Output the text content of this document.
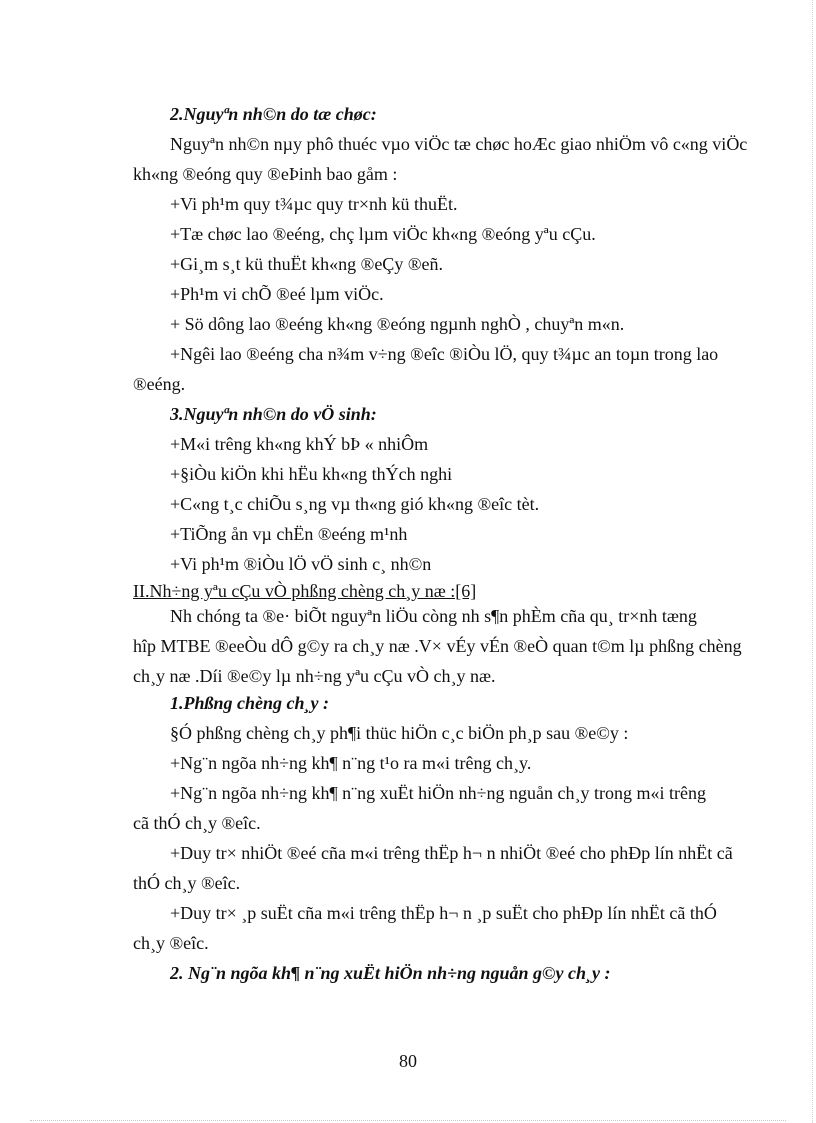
2.Nguyªn nh©n do tæ chøc:
Nguyªn nh©n nµy phô thuéc vµo viÖc tæ chøc hoÆc giao nhiÖm vô c«ng viÖc
kh«ng ®eóng quy ®eÞinh bao gåm :
+Vi ph¹m quy t¾µc quy tr×nh kü thuËt.
+Tæ chøc lao ®eéng, chç lµm viÖc kh«ng ®eóng yªu cÇu.
+Gi¸m s¸t kü thuËt kh«ng ®eÇy ®eñ.
+Ph¹m vi chÕ ®eé lµm viÖc.
+ Sö dông lao ®eéng kh«ng ®eóng ngµnh nghÒ , chuyªn m«n.
+Ngêi lao ®eéng cha n¾m v÷ng ®eîc ®iÒu lÖ, quy t¾µc an toµn trong lao
®eéng.
3.Nguyªn nh©n do vÖ sinh:
+M«i trêng kh«ng khÝ bÞ « nhiÔm
+§iÒu kiÖn khi hËu kh«ng thÝch nghi
+C«ng t¸c chiÕu s¸ng vµ th«ng gió kh«ng ®eîc tèt.
+TiÕng ån vµ chËn ®eéng m¹nh
+Vi ph¹m ®iÒu lÖ vÖ sinh c¸ nh©n
II.Nh÷ng yªu cÇu vÒ phßng chèng ch¸y næ :[6]
Nh chóng ta ®e· biÕt nguyªn liÖu còng nh s¶n phÈm cña qu¸ tr×nh tæng
hîp MTBE ®eeÒu dÔ g©y ra ch¸y næ .V× vÉy vÉn ®eÒ quan t©m lµ phßng chèng
ch¸y næ .Díi ®e©y lµ nh÷ng yªu cÇu vÒ ch¸y næ.
1.Phßng chèng ch¸y :
§Ó phßng chèng ch¸y ph¶i thüc hiÖn c¸c biÖn ph¸p sau ®e©y :
+Ng¨n ngõa nh÷ng kh¶ n¨ng t¹o ra m«i trêng ch¸y.
+Ng¨n ngõa nh÷ng kh¶ n¨ng xuËt hiÖn nh÷ng nguån ch¸y trong m«i trêng
cã thÓ ch¸y ®eîc.
+Duy tr× nhiÖt ®eé cña m«i trêng thËp h¬ n nhiÖt ®eé cho phÐp lín nhËt cã
thÓ ch¸y ®eîc.
+Duy tr× ¸p suËt cña m«i trêng thËp h¬ n ¸p suËt cho phÐp lín nhËt cã thÓ
ch¸y ®eîc.
2. Ng¨n ngõa kh¶ n¨ng xuËt hiÖn nh÷ng nguån g©y ch¸y :
80
